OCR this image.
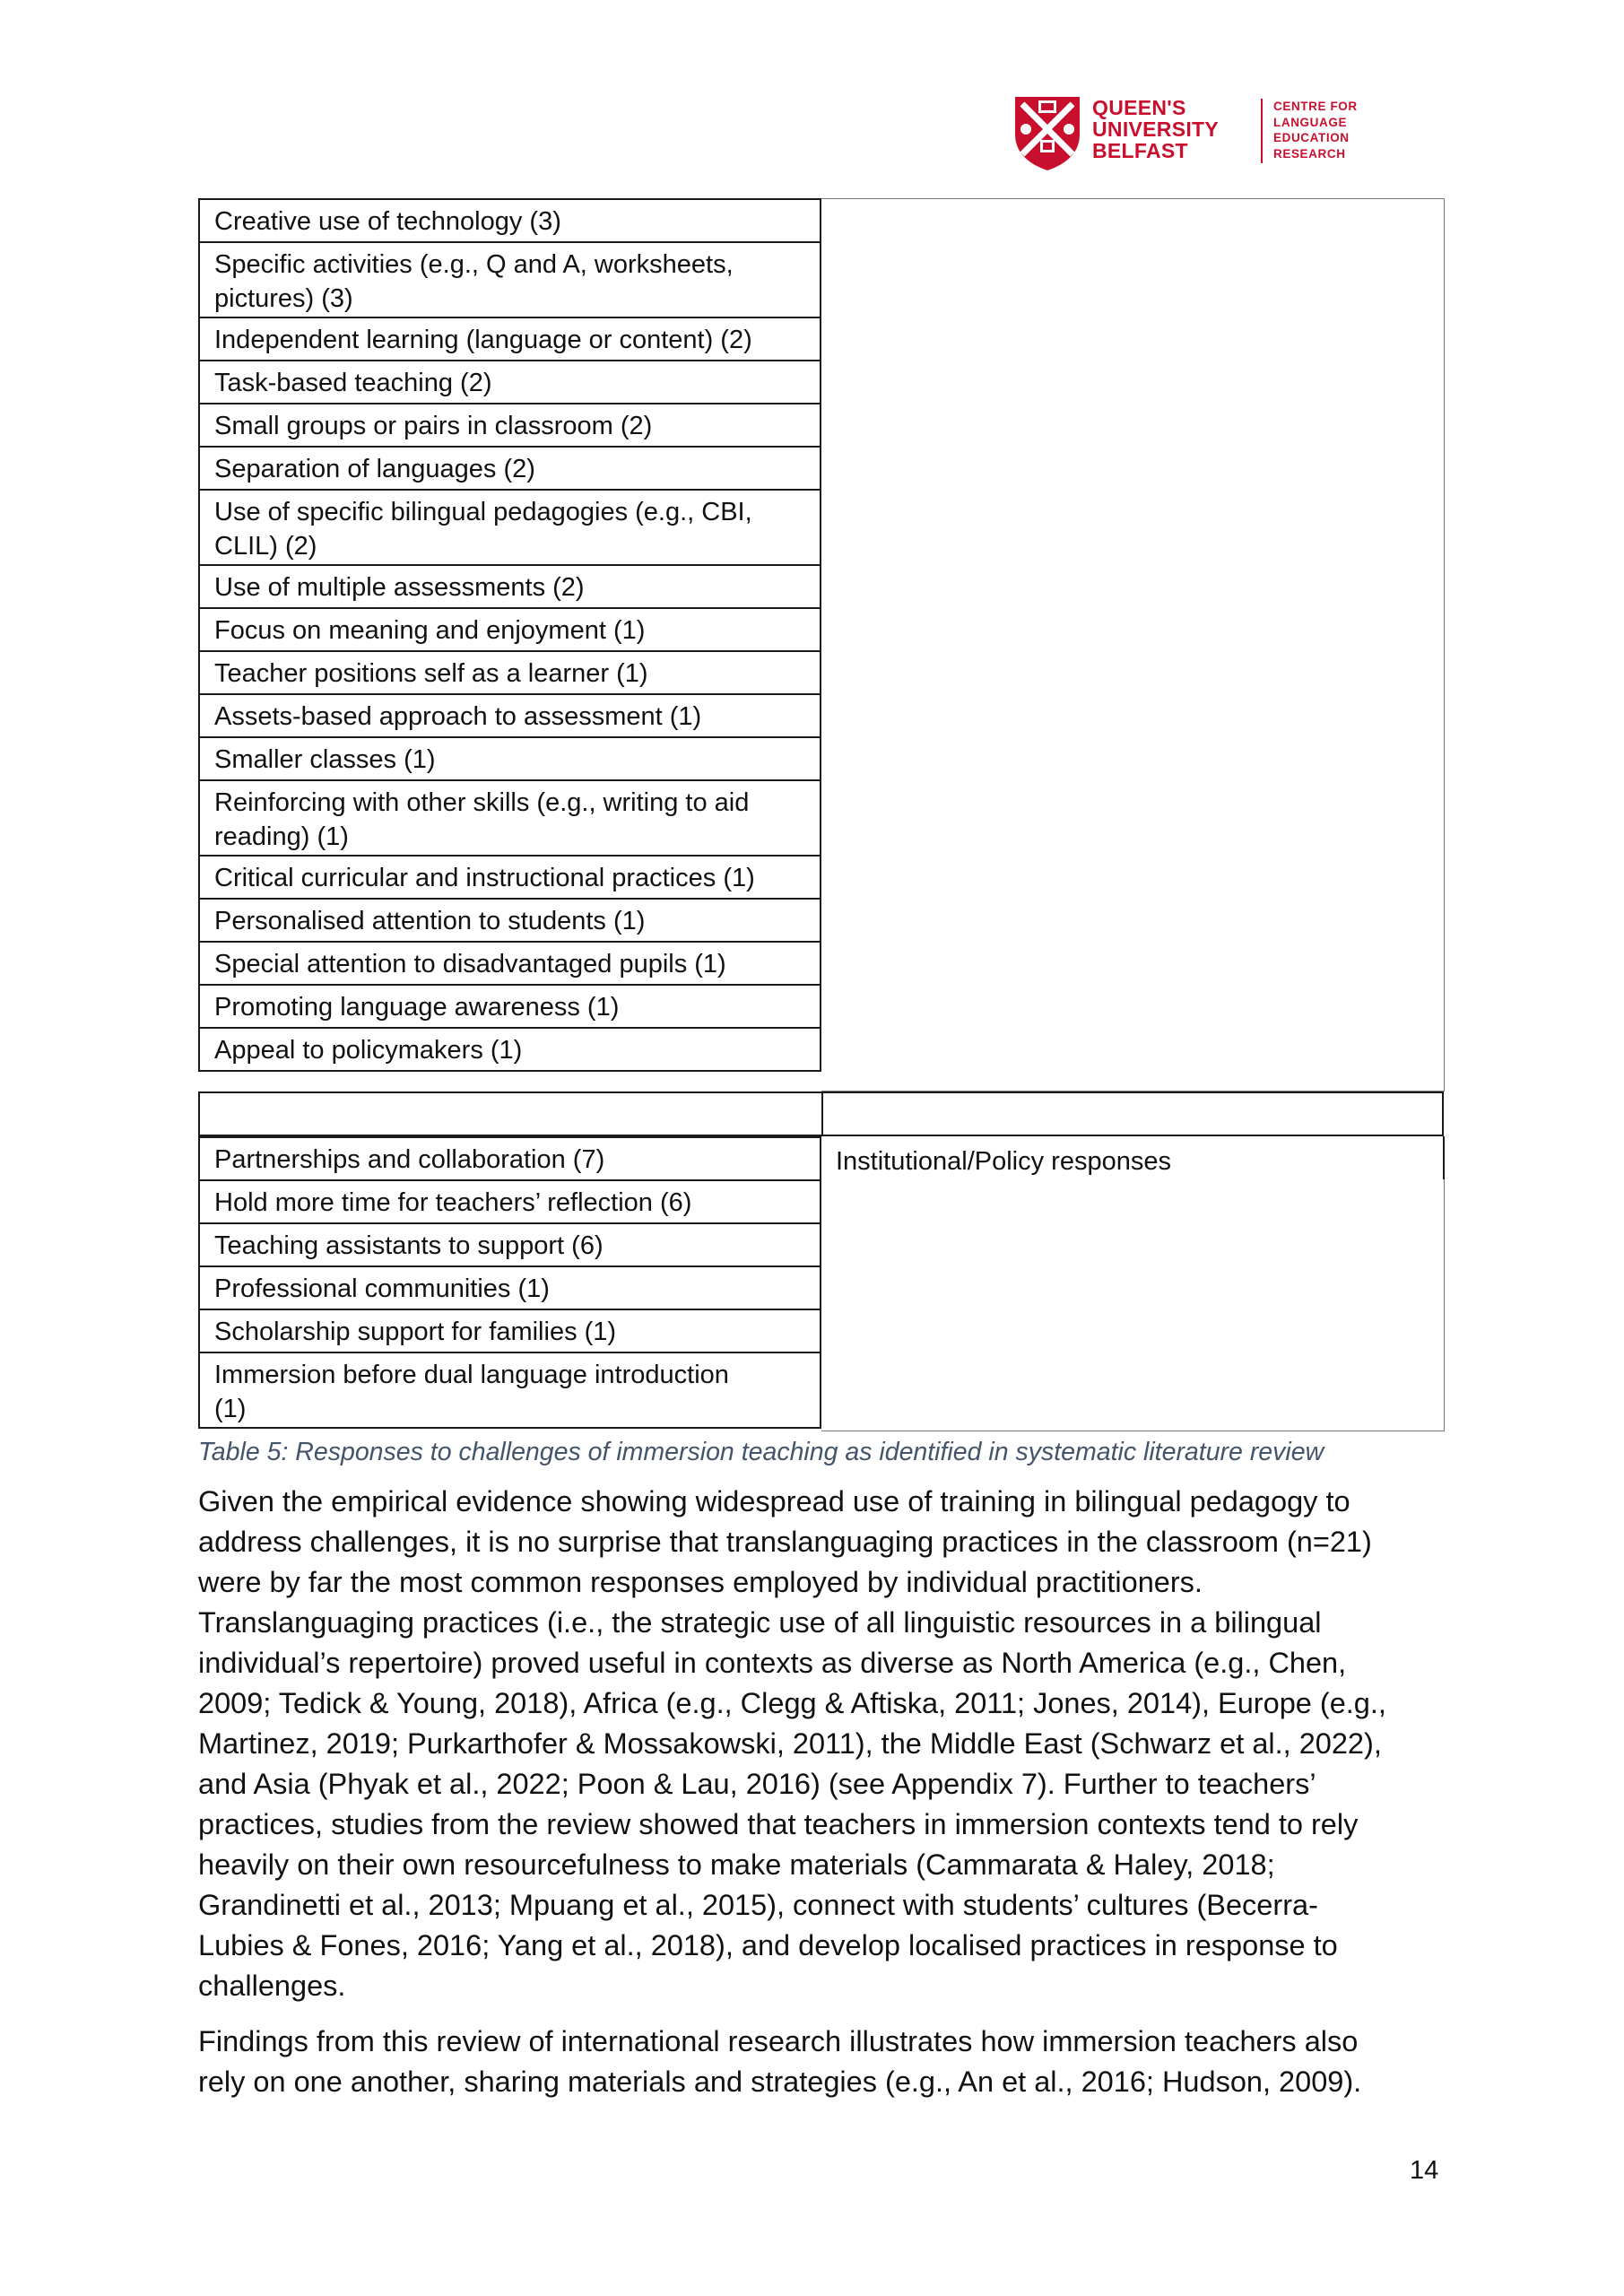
QUEEN'S
UNIVERSITY
BELFAST
CENTRE FOR
LANGUAGE
EDUCATION
RESEARCH
Institutional/Policy responses
Creative use of technology (3)
Specific activities (e.g., Q and A, worksheets,
pictures) (3)
Independent learning (language or content) (2)
Task-based teaching (2)
Small groups or pairs in classroom (2)
Separation of languages (2)
Use of specific bilingual pedagogies (e.g., CBI,
CLIL) (2)
Use of multiple assessments (2)
Focus on meaning and enjoyment (1)
Teacher positions self as a learner (1)
Assets-based approach to assessment (1)
Smaller classes (1)
Reinforcing with other skills (e.g., writing to aid
reading) (1)
Critical curricular and instructional practices (1)
Personalised attention to students (1)
Special attention to disadvantaged pupils (1)
Promoting language awareness (1)
Appeal to policymakers (1)
Partnerships and collaboration (7)
Hold more time for teachers’ reflection (6)
Teaching assistants to support (6)
Professional communities (1)
Scholarship support for families (1)
Immersion before dual language introduction
(1)
Table 5: Responses to challenges of immersion teaching as identified in systematic literature review

Given the empirical evidence showing widespread use of training in bilingual pedagogy to
address challenges, it is no surprise that translanguaging practices in the classroom (n=21)
were by far the most common responses employed by individual practitioners.
Translanguaging practices (i.e., the strategic use of all linguistic resources in a bilingual
individual’s repertoire) proved useful in contexts as diverse as North America (e.g., Chen,
2009; Tedick & Young, 2018), Africa (e.g., Clegg & Aftiska, 2011; Jones, 2014), Europe (e.g.,
Martinez, 2019; Purkarthofer & Mossakowski, 2011), the Middle East (Schwarz et al., 2022),
and Asia (Phyak et al., 2022; Poon & Lau, 2016) (see Appendix 7). Further to teachers’
practices, studies from the review showed that teachers in immersion contexts tend to rely
heavily on their own resourcefulness to make materials (Cammarata & Haley, 2018;
Grandinetti et al., 2013; Mpuang et al., 2015), connect with students’ cultures (Becerra-
Lubies & Fones, 2016; Yang et al., 2018), and develop localised practices in response to
challenges.

Findings from this review of international research illustrates how immersion teachers also
rely on one another, sharing materials and strategies (e.g., An et al., 2016; Hudson, 2009).

14
